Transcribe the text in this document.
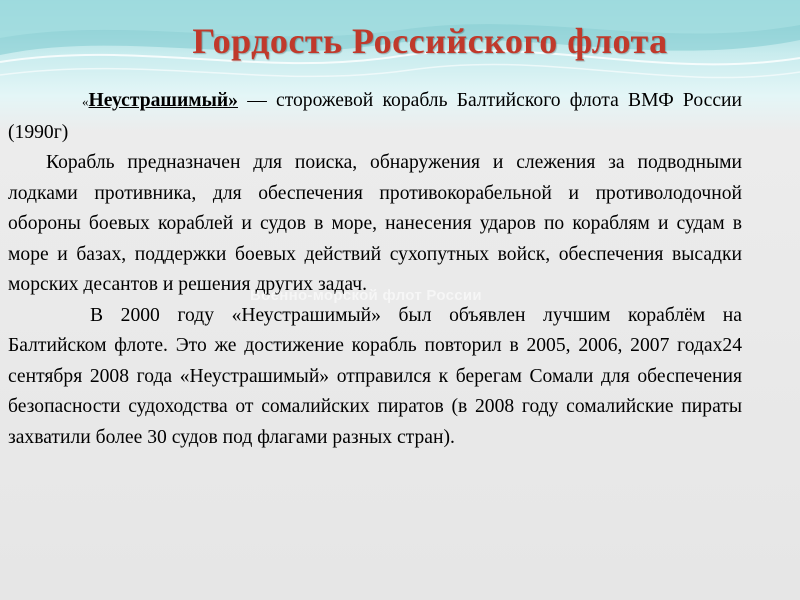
Гордость Российского флота
Военно-морской флот России

«Неустрашимый» — сторожевой корабль Балтийского флота ВМФ России (1990г)

Корабль предназначен для поиска, обнаружения и слежения за подводными лодками противника, для обеспечения противокорабельной и противолодочной обороны боевых кораблей и судов в море, нанесения ударов по кораблям и судам в море и базах, поддержки боевых действий сухопутных войск, обеспечения высадки морских десантов и решения других задач.

В 2000 году «Неустрашимый» был объявлен лучшим кораблём на Балтийском флоте. Это же достижение корабль повторил в 2005, 2006, 2007 годах24 сентября 2008 года «Неустрашимый» отправился к берегам Сомали для обеспечения безопасности судоходства от сомалийских пиратов (в 2008 году сомалийские пираты захватили более 30 судов под флагами разных стран).
